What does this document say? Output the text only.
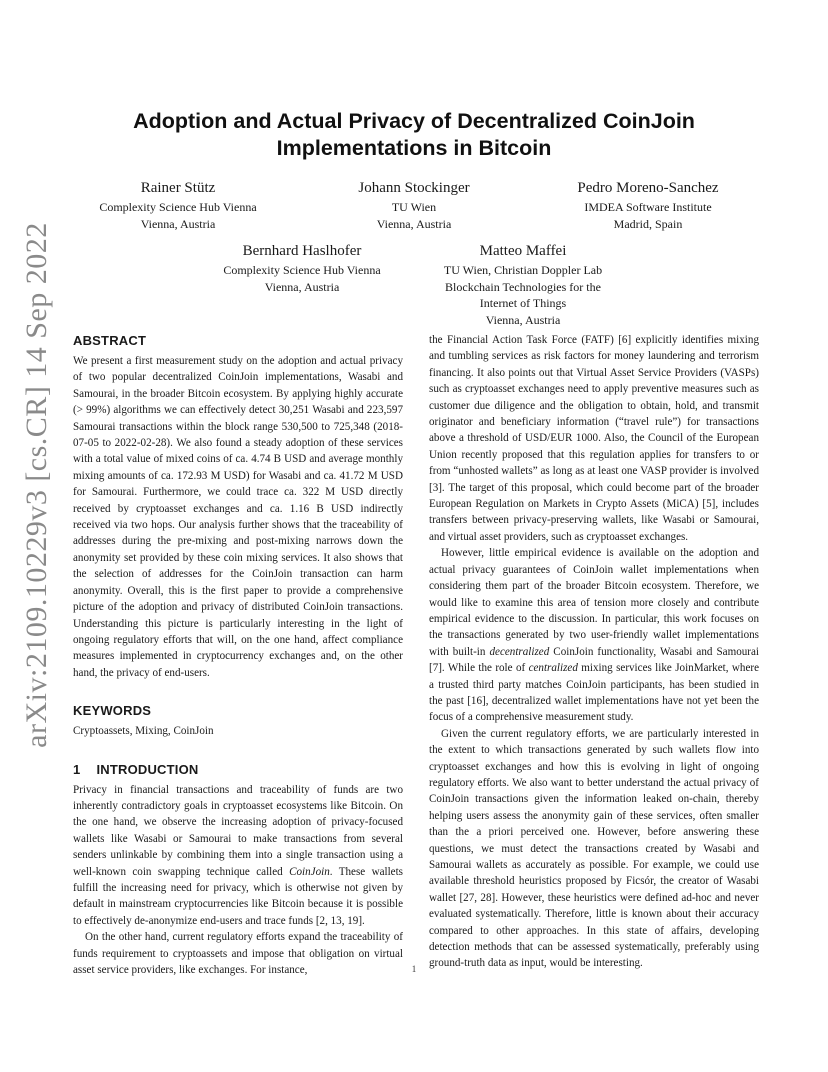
arXiv:2109.10229v3 [cs.CR] 14 Sep 2022
Adoption and Actual Privacy of Decentralized CoinJoin
Implementations in Bitcoin
Rainer Stütz
Complexity Science Hub Vienna
Vienna, Austria
Johann Stockinger
TU Wien
Vienna, Austria
Pedro Moreno-Sanchez
IMDEA Software Institute
Madrid, Spain
Bernhard Haslhofer
Complexity Science Hub Vienna
Vienna, Austria
Matteo Maffei
TU Wien, Christian Doppler Lab
Blockchain Technologies for the
Internet of Things
Vienna, Austria
ABSTRACT

We present a first measurement study on the adoption and actual privacy of two popular decentralized CoinJoin implementations, Wasabi and Samourai, in the broader Bitcoin ecosystem. By applying highly accurate (> 99%) algorithms we can effectively detect 30,251 Wasabi and 223,597 Samourai transactions within the block range 530,500 to 725,348 (2018-07-05 to 2022-02-28). We also found a steady adoption of these services with a total value of mixed coins of ca. 4.74 B USD and average monthly mixing amounts of ca. 172.93 M USD) for Wasabi and ca. 41.72 M USD for Samourai. Furthermore, we could trace ca. 322 M USD directly received by cryptoasset exchanges and ca. 1.16 B USD indirectly received via two hops. Our analysis further shows that the traceability of addresses during the pre-mixing and post-mixing narrows down the anonymity set provided by these coin mixing services. It also shows that the selection of addresses for the CoinJoin transaction can harm anonymity. Overall, this is the first paper to provide a comprehensive picture of the adoption and privacy of distributed CoinJoin transactions. Understanding this picture is particularly interesting in the light of ongoing regulatory efforts that will, on the one hand, affect compliance measures implemented in cryptocurrency exchanges and, on the other hand, the privacy of end-users.

KEYWORDS

Cryptoassets, Mixing, CoinJoin

1 INTRODUCTION

Privacy in financial transactions and traceability of funds are two inherently contradictory goals in cryptoasset ecosystems like Bitcoin. On the one hand, we observe the increasing adoption of privacy-focused wallets like Wasabi or Samourai to make transactions from several senders unlinkable by combining them into a single transaction using a well-known coin swapping technique called CoinJoin. These wallets fulfill the increasing need for privacy, which is otherwise not given by default in mainstream cryptocurrencies like Bitcoin because it is possible to effectively de-anonymize end-users and trace funds [2, 13, 19].

On the other hand, current regulatory efforts expand the traceability of funds requirement to cryptoassets and impose that obligation on virtual asset service providers, like exchanges. For instance,

the Financial Action Task Force (FATF) [6] explicitly identifies mixing and tumbling services as risk factors for money laundering and terrorism financing. It also points out that Virtual Asset Service Providers (VASPs) such as cryptoasset exchanges need to apply preventive measures such as customer due diligence and the obligation to obtain, hold, and transmit originator and beneficiary information (“travel rule”) for transactions above a threshold of USD/EUR 1000. Also, the Council of the European Union recently proposed that this regulation applies for transfers to or from “unhosted wallets” as long as at least one VASP provider is involved [3]. The target of this proposal, which could become part of the broader European Regulation on Markets in Crypto Assets (MiCA) [5], includes transfers between privacy-preserving wallets, like Wasabi or Samourai, and virtual asset providers, such as cryptoasset exchanges.

However, little empirical evidence is available on the adoption and actual privacy guarantees of CoinJoin wallet implementations when considering them part of the broader Bitcoin ecosystem. Therefore, we would like to examine this area of tension more closely and contribute empirical evidence to the discussion. In particular, this work focuses on the transactions generated by two user-friendly wallet implementations with built-in decentralized CoinJoin functionality, Wasabi and Samourai [7]. While the role of centralized mixing services like JoinMarket, where a trusted third party matches CoinJoin participants, has been studied in the past [16], decentralized wallet implementations have not yet been the focus of a comprehensive measurement study.

Given the current regulatory efforts, we are particularly interested in the extent to which transactions generated by such wallets flow into cryptoasset exchanges and how this is evolving in light of ongoing regulatory efforts. We also want to better understand the actual privacy of CoinJoin transactions given the information leaked on-chain, thereby helping users assess the anonymity gain of these services, often smaller than the a priori perceived one. However, before answering these questions, we must detect the transactions created by Wasabi and Samourai wallets as accurately as possible. For example, we could use available threshold heuristics proposed by Ficsór, the creator of Wasabi wallet [27, 28]. However, these heuristics were defined ad-hoc and never evaluated systematically. Therefore, little is known about their accuracy compared to other approaches. In this state of affairs, developing detection methods that can be assessed systematically, preferably using ground-truth data as input, would be interesting.

1
